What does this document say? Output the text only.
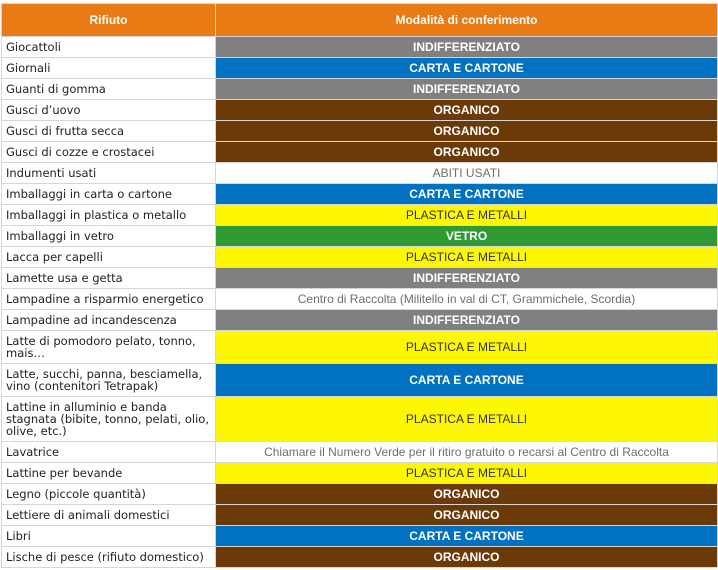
Rifiuto	Modalità di conferimento
Giocattoli	INDIFFERENZIATO
Giornali	CARTA E CARTONE
Guanti di gomma	INDIFFERENZIATO
Gusci d’uovo	ORGANICO
Gusci di frutta secca	ORGANICO
Gusci di cozze e crostacei	ORGANICO
Indumenti usati	ABITI USATI
Imballaggi in carta o cartone	CARTA E CARTONE
Imballaggi in plastica o metallo	PLASTICA E METALLI
Imballaggi in vetro	VETRO
Lacca per capelli	PLASTICA E METALLI
Lamette usa e getta	INDIFFERENZIATO
Lampadine a risparmio energetico	Centro di Raccolta (Militello in val di CT, Grammichele, Scordia)
Lampadine ad incandescenza	INDIFFERENZIATO
Latte di pomodoro pelato, tonno, mais…	PLASTICA E METALLI
Latte, succhi, panna, besciamella, vino (contenitori Tetrapak)	CARTA E CARTONE
Lattine in alluminio e banda stagnata (bibite, tonno, pelati, olio, olive, etc.)	PLASTICA E METALLI
Lavatrice	Chiamare il Numero Verde per il ritiro gratuito o recarsi al Centro di Raccolta
Lattine per bevande	PLASTICA E METALLI
Legno (piccole quantità)	ORGANICO
Lettiere di animali domestici	ORGANICO
Libri	CARTA E CARTONE
Lische di pesce (rifiuto domestico)	ORGANICO
